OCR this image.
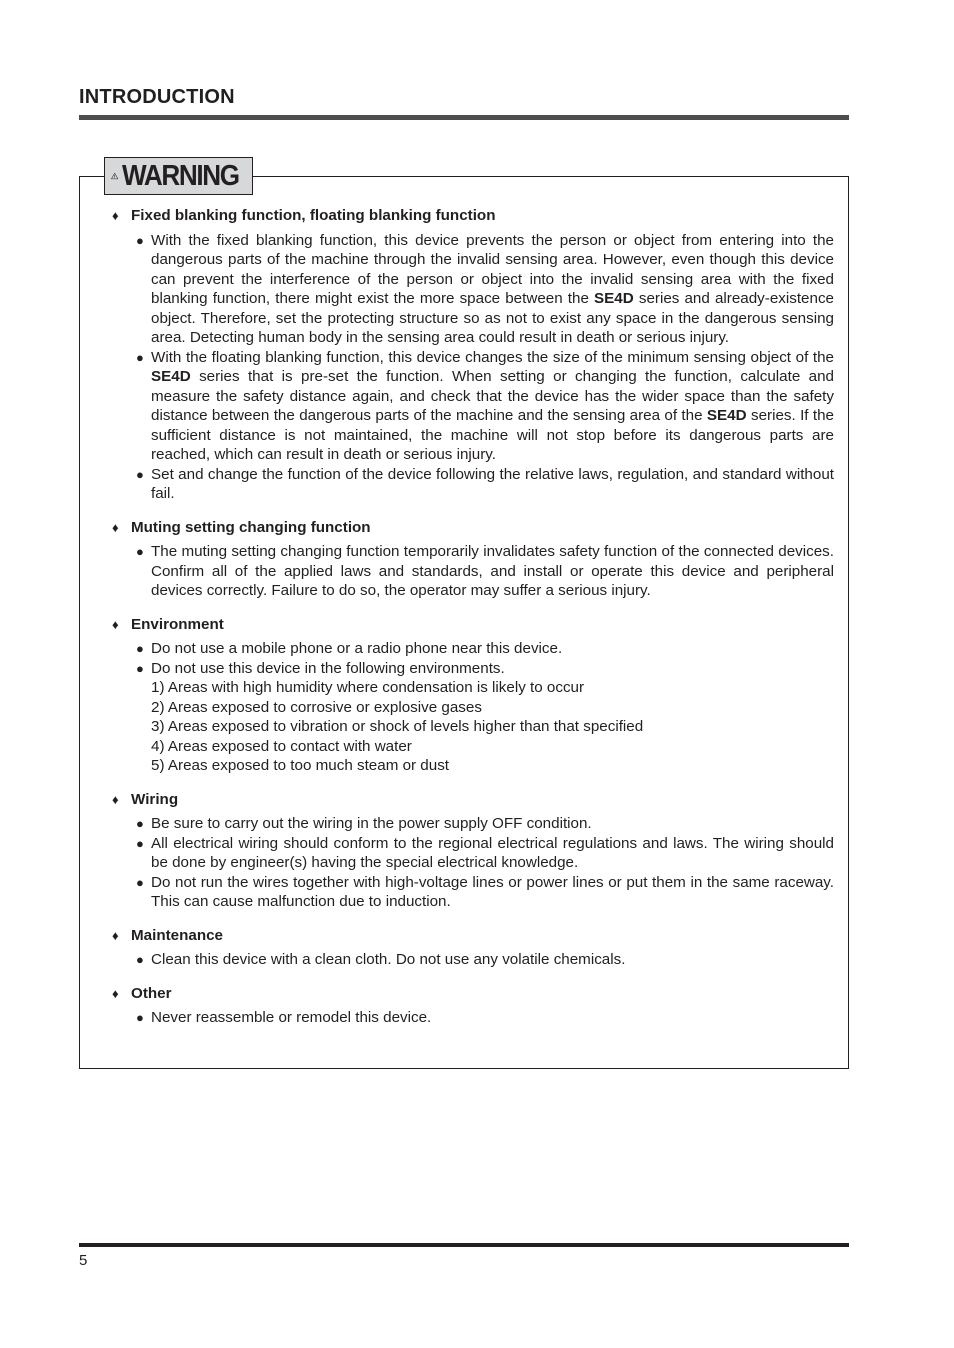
INTRODUCTION
WARNING
♦ Fixed blanking function, floating blanking function
● With the fixed blanking function, this device prevents the person or object from entering into the dangerous parts of the machine through the invalid sensing area. However, even though this device can prevent the interference of the person or object into the invalid sensing area with the fixed blanking function, there might exist the more space between the SE4D series and already-existence object. Therefore, set the protecting structure so as not to exist any space in the dangerous sensing area. Detecting human body in the sensing area could result in death or serious injury.
● With the floating blanking function, this device changes the size of the minimum sensing object of the SE4D series that is pre-set the function. When setting or changing the function, calculate and measure the safety distance again, and check that the device has the wider space than the safety distance between the dangerous parts of the machine and the sensing area of the SE4D series. If the sufficient distance is not maintained, the machine will not stop before its dangerous parts are reached, which can result in death or serious injury.
● Set and change the function of the device following the relative laws, regulation, and standard without fail.
♦ Muting setting changing function
● The muting setting changing function temporarily invalidates safety function of the connected devices. Confirm all of the applied laws and standards, and install or operate this device and peripheral devices correctly. Failure to do so, the operator may suffer a serious injury.
♦ Environment
● Do not use a mobile phone or a radio phone near this device.
● Do not use this device in the following environments.
1) Areas with high humidity where condensation is likely to occur
2) Areas exposed to corrosive or explosive gases
3) Areas exposed to vibration or shock of levels higher than that specified
4) Areas exposed to contact with water
5) Areas exposed to too much steam or dust
♦ Wiring
● Be sure to carry out the wiring in the power supply OFF condition.
● All electrical wiring should conform to the regional electrical regulations and laws. The wiring should be done by engineer(s) having the special electrical knowledge.
● Do not run the wires together with high-voltage lines or power lines or put them in the same raceway. This can cause malfunction due to induction.
♦ Maintenance
● Clean this device with a clean cloth. Do not use any volatile chemicals.
♦ Other
● Never reassemble or remodel this device.
5
